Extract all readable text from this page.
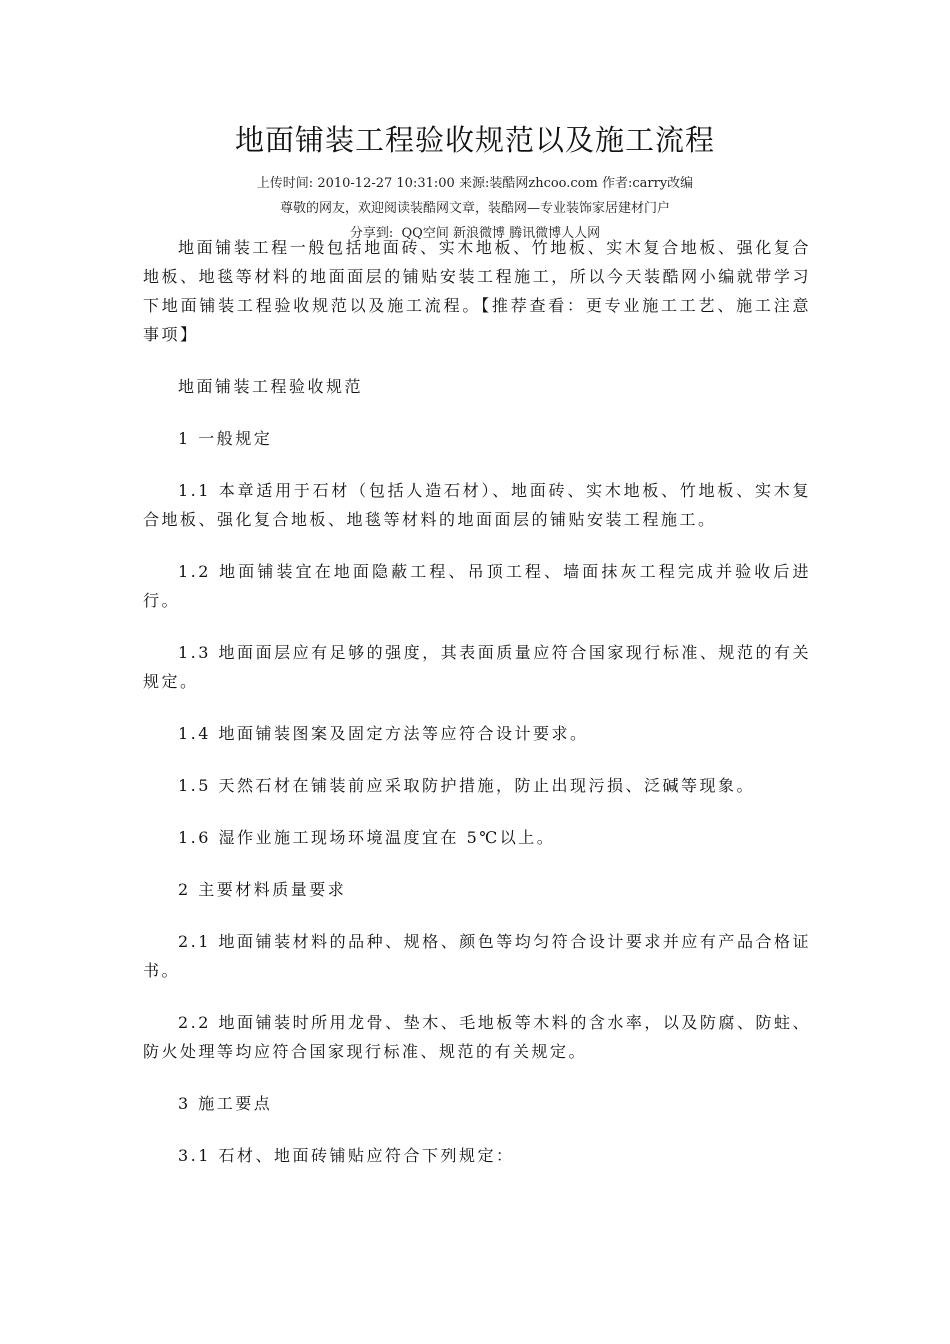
地面铺装工程验收规范以及施工流程
上传时间: 2010-12-27 10:31:00 来源:装酷网zhcoo.com 作者:carry改编
尊敬的网友，欢迎阅读装酷网文章，装酷网—专业装饰家居建材门户
分享到: QQ空间 新浪微博 腾讯微博人人网

地面铺装工程一般包括地面砖、实木地板、竹地板、实木复合地板、强化复合地板、地毯等材料的地面面层的铺贴安装工程施工，所以今天装酷网小编就带学习下地面铺装工程验收规范以及施工流程。【推荐查看：更专业施工工艺、施工注意事项】

地面铺装工程验收规范

1 一般规定

1.1 本章适用于石材（包括人造石材）、地面砖、实木地板、竹地板、实木复合地板、强化复合地板、地毯等材料的地面面层的铺贴安装工程施工。

1.2 地面铺装宜在地面隐蔽工程、吊顶工程、墙面抹灰工程完成并验收后进行。

1.3 地面面层应有足够的强度，其表面质量应符合国家现行标准、规范的有关规定。

1.4 地面铺装图案及固定方法等应符合设计要求。

1.5 天然石材在铺装前应采取防护措施，防止出现污损、泛碱等现象。

1.6 湿作业施工现场环境温度宜在 5℃以上。

2 主要材料质量要求

2.1 地面铺装材料的品种、规格、颜色等均匀符合设计要求并应有产品合格证书。

2.2 地面铺装时所用龙骨、垫木、毛地板等木料的含水率，以及防腐、防蛀、防火处理等均应符合国家现行标准、规范的有关规定。

3 施工要点

3.1 石材、地面砖铺贴应符合下列规定：
